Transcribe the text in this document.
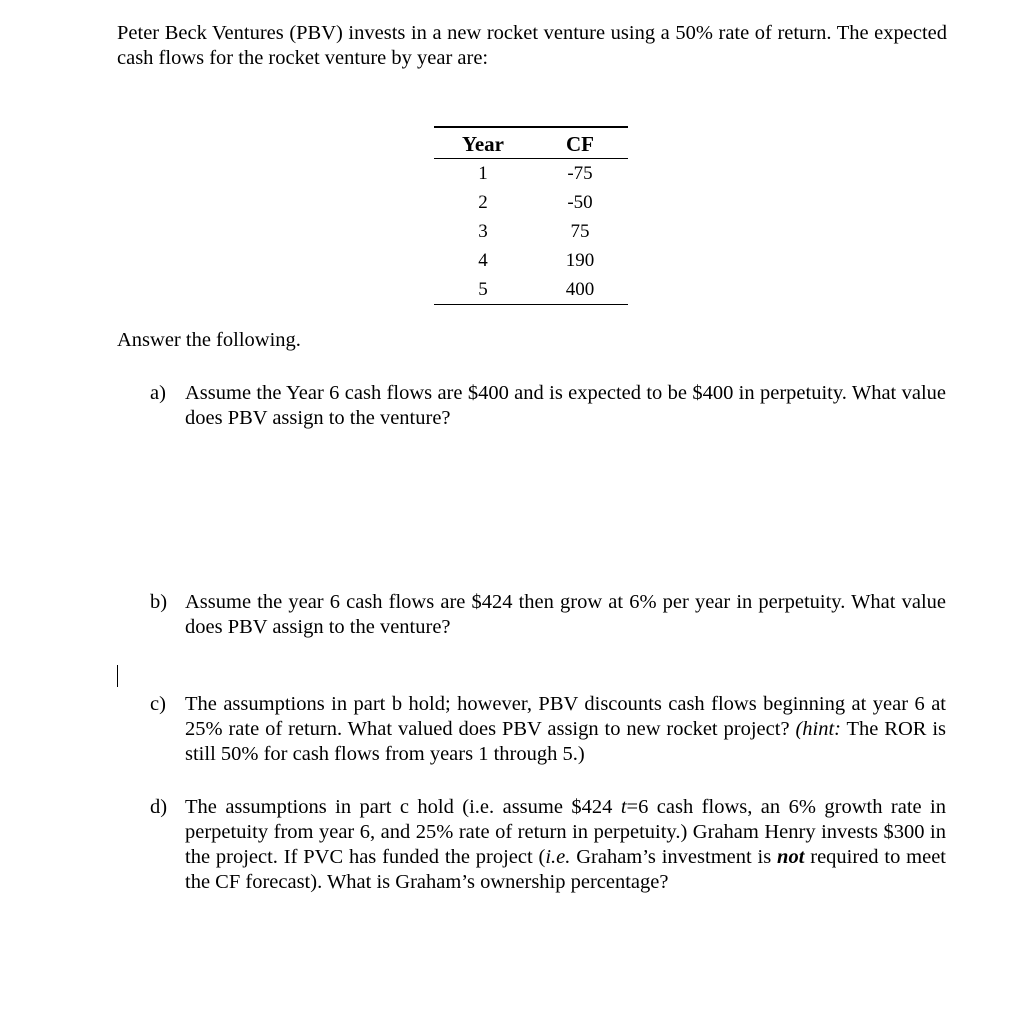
Peter Beck Ventures (PBV) invests in a new rocket venture using a 50% rate of return. The expected cash flows for the rocket venture by year are:

Year	CF
1	-75
2	-50
3	75
4	190
5	400

Answer the following.

a) Assume the Year 6 cash flows are $400 and is expected to be $400 in perpetuity. What value does PBV assign to the venture?
b) Assume the year 6 cash flows are $424 then grow at 6% per year in perpetuity. What value does PBV assign to the venture?
c) The assumptions in part b hold; however, PBV discounts cash flows beginning at year 6 at 25% rate of return. What valued does PBV assign to new rocket project? (hint: The ROR is still 50% for cash flows from years 1 through 5.)
d) The assumptions in part c hold (i.e. assume $424 t=6 cash flows, an 6% growth rate in perpetuity from year 6, and 25% rate of return in perpetuity.) Graham Henry invests $300 in the project. If PVC has funded the project (i.e. Graham’s investment is not required to meet the CF forecast). What is Graham’s ownership percentage?
